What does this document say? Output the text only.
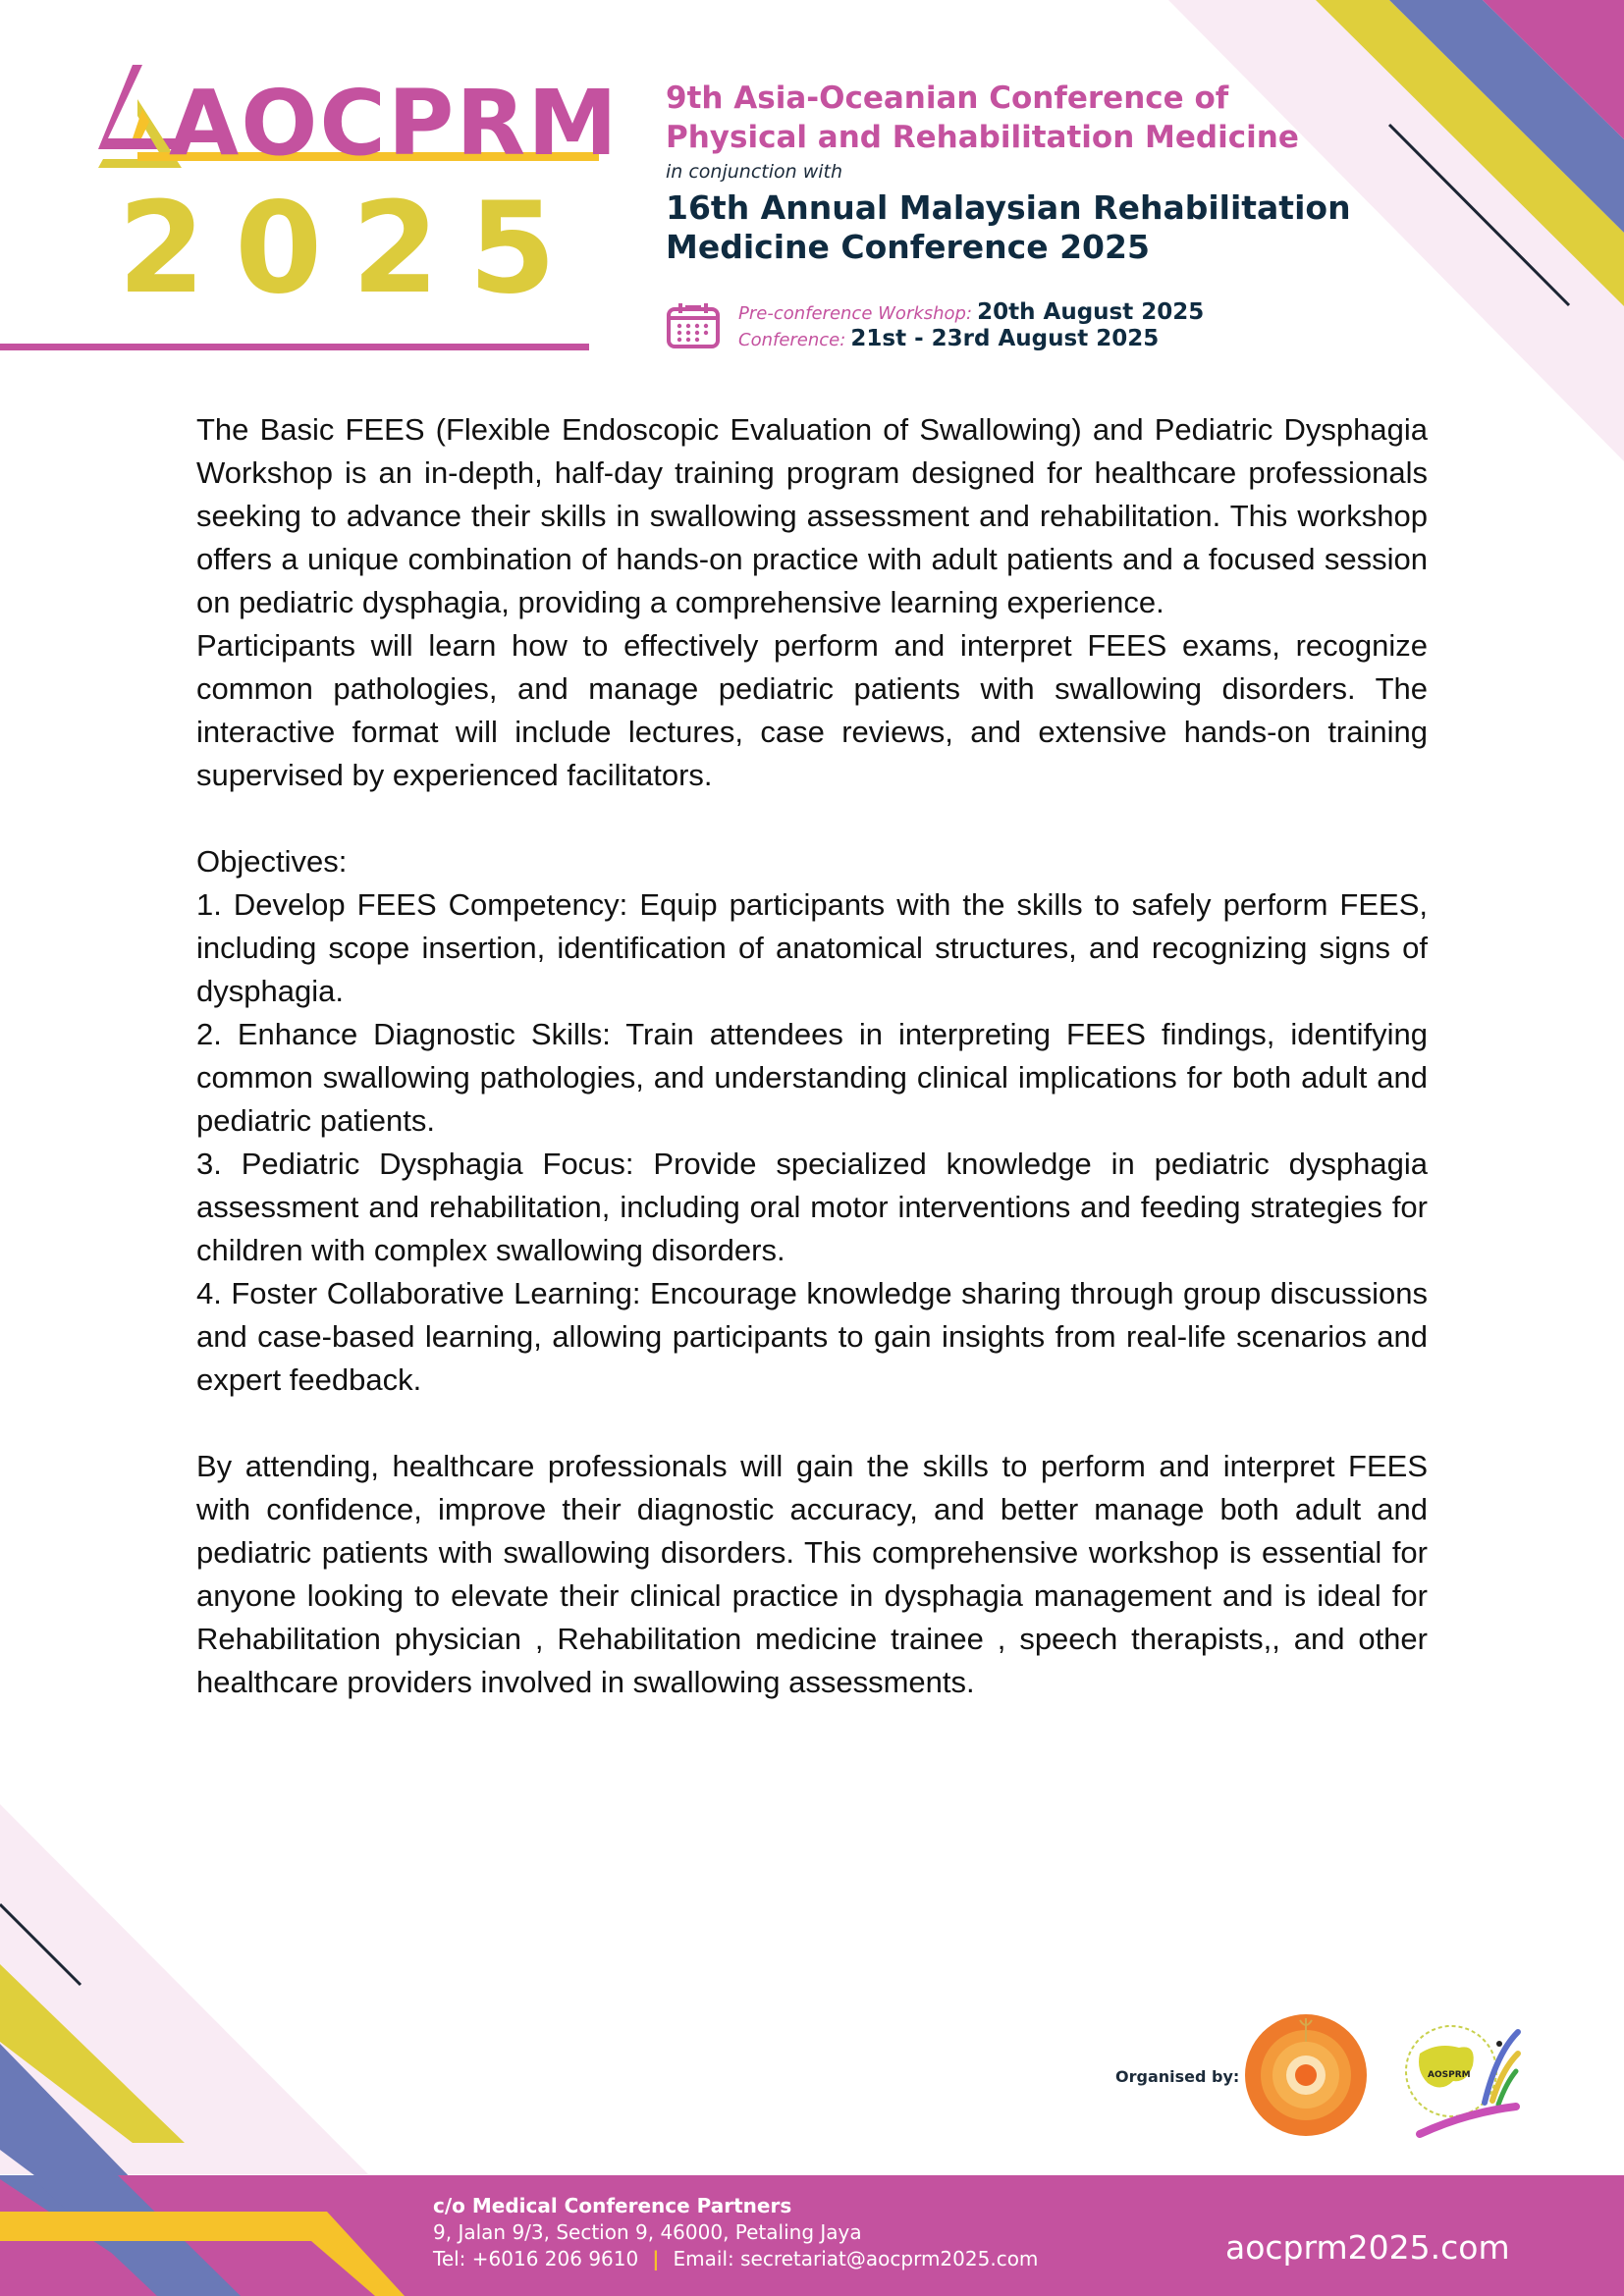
AOCPRM
2025

9th Asia-Oceanian Conference of

Physical and Rehabilitation Medicine

in conjunction with

16th Annual Malaysian Rehabilitation

Medicine Conference 2025

Pre-conference Workshop: 20th August 2025
Conference: 21st - 23rd August 2025

The Basic FEES (Flexible Endoscopic Evaluation of Swallowing) and Pediatric Dysphagia Workshop is an in-depth, half-day training program designed for healthcare professionals seeking to advance their skills in swallowing assessment and rehabilitation. This workshop offers a unique combination of hands-on practice with adult patients and a focused session on pediatric dysphagia, providing a comprehensive learning experience.

Participants will learn how to effectively perform and interpret FEES exams, recognize common pathologies, and manage pediatric patients with swallowing disorders. The interactive format will include lectures, case reviews, and extensive hands-on training supervised by experienced facilitators.

Objectives:

1. Develop FEES Competency: Equip participants with the skills to safely perform FEES, including scope insertion, identification of anatomical structures, and recognizing signs of dysphagia.

2. Enhance Diagnostic Skills: Train attendees in interpreting FEES findings, identifying common swallowing pathologies, and understanding clinical implications for both adult and pediatric patients.

3. Pediatric Dysphagia Focus: Provide specialized knowledge in pediatric dysphagia assessment and rehabilitation, including oral motor interventions and feeding strategies for children with complex swallowing disorders.

4. Foster Collaborative Learning: Encourage knowledge sharing through group discussions and case-based learning, allowing participants to gain insights from real-life scenarios and expert feedback.

By attending, healthcare professionals will gain the skills to perform and interpret FEES with confidence, improve their diagnostic accuracy, and better manage both adult and pediatric patients with swallowing disorders. This comprehensive workshop is essential for anyone looking to elevate their clinical practice in dysphagia management and is ideal for Rehabilitation physician , Rehabilitation medicine trainee , speech therapists,, and other healthcare providers involved in swallowing assessments.

Organised by:	AOSPRM
c/o Medical Conference Partners
9, Jalan 9/3, Section 9, 46000, Petaling Jaya
Tel: +6016 206 9610 | Email: secretariat@aocprm2025.com	aocprm2025.com
